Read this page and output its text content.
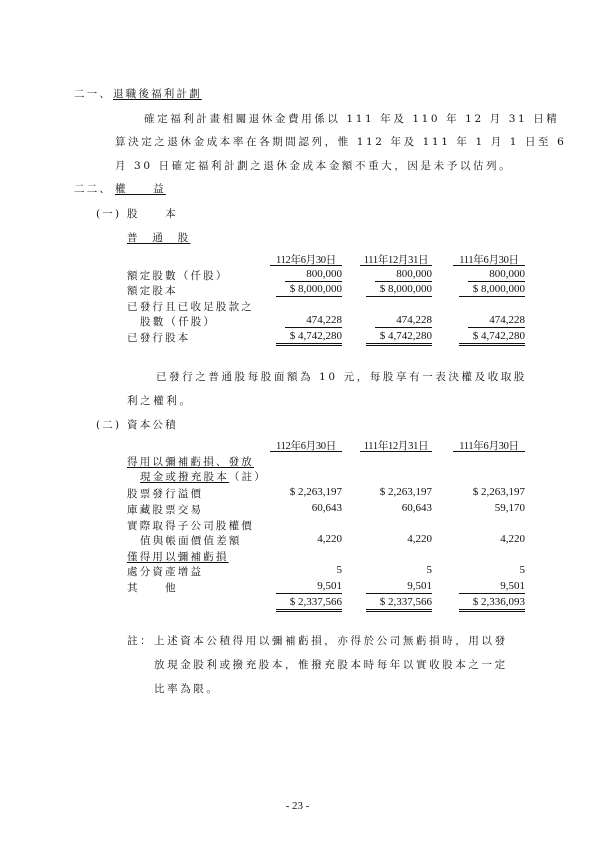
二一、 退職後福利計劃
確定福利計畫相關退休金費用係以 111 年及 110 年 12 月 31 日精
算決定之退休金成本率在各期間認列，惟 112 年及 111 年 1 月 1 日至 6
月 30 日確定福利計劃之退休金成本金額不重大，因是未予以估列。
二二、 權　　益
(一) 股　　本
普　通　股
112年6月30日	111年12月31日	111年6月30日
額定股數（仟股）	800,000	800,000	800,000
額定股本	$ 8,000,000	$ 8,000,000	$ 8,000,000
已發行且已收足股款之
股數（仟股）	474,228	474,228	474,228
已發行股本	$ 4,742,280	$ 4,742,280	$ 4,742,280
已發行之普通股每股面額為 10 元，每股享有一表決權及收取股
利之權利。
(二) 資本公積
112年6月30日	111年12月31日	111年6月30日
得用以彌補虧損、發放
現金或撥充股本（註）
股票發行溢價	$ 2,263,197	$ 2,263,197	$ 2,263,197
庫藏股票交易	60,643	60,643	59,170
實際取得子公司股權價
值與帳面價值差額	4,220	4,220	4,220
僅得用以彌補虧損
處分資產增益	5	5	5
其　　他	9,501	9,501	9,501
$ 2,337,566	$ 2,337,566	$ 2,336,093
註： 上述資本公積得用以彌補虧損，亦得於公司無虧損時，用以發
放現金股利或撥充股本，惟撥充股本時每年以實收股本之一定
比率為限。
- 23 -
